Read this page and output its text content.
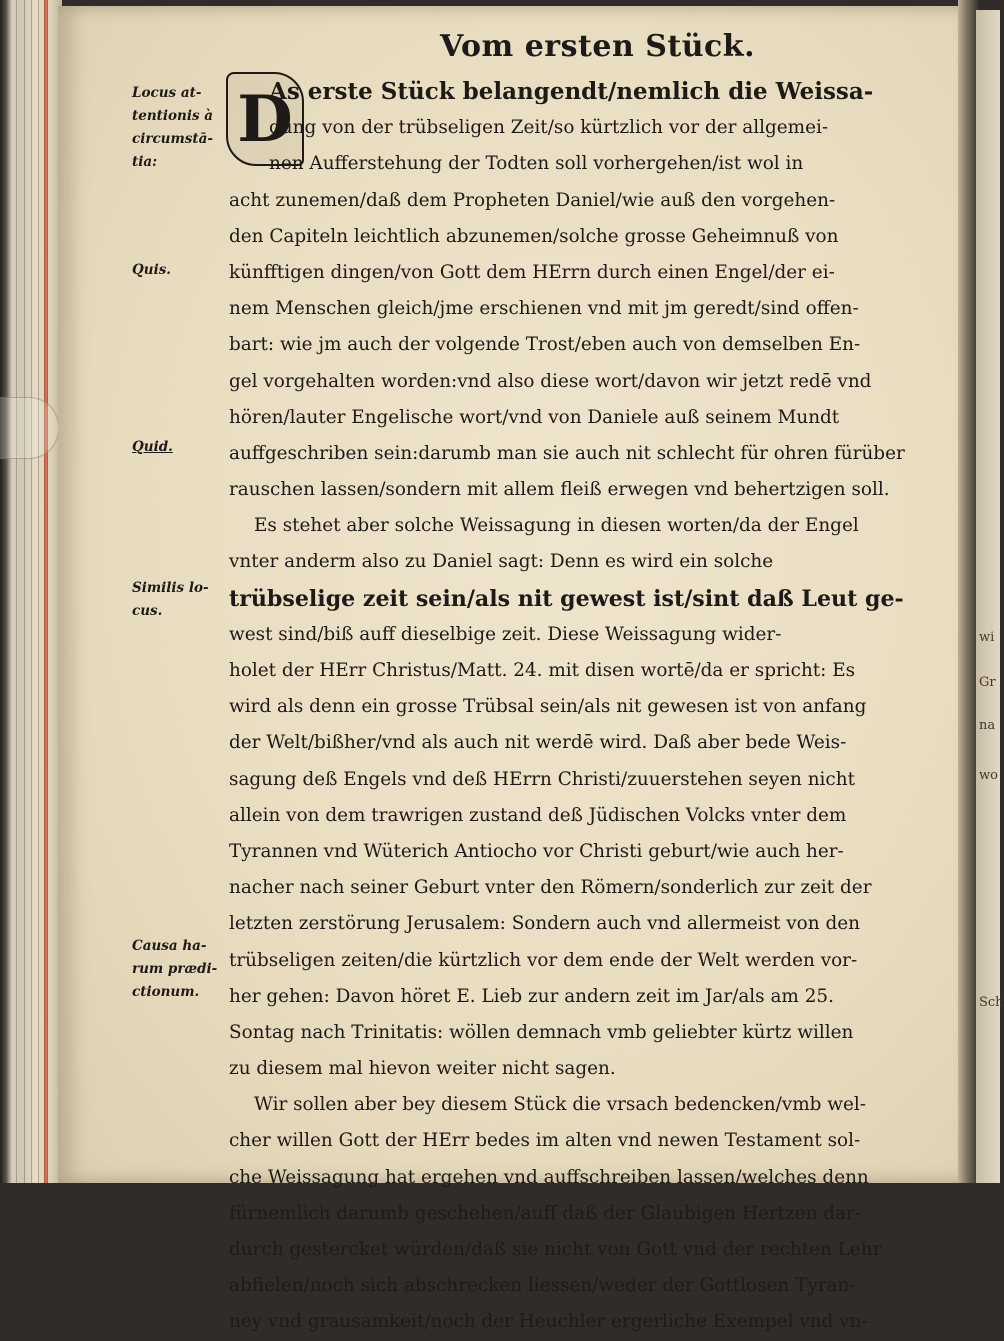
wi
Gr
na
wo
Sch
Vom ersten Stück.
D
Locus at-
tentionis à
circumstā-
tia:
Quis.
Quid.
Similis lo-
cus.
Causa ha-
rum prædi-
ctionum.
As erste Stück belangendt/nemlich die Weissa-
gung von der trübseligen Zeit/so kürtzlich vor der allgemei-
nen Aufferstehung der Todten soll vorhergehen/ist wol in
acht zunemen/daß dem Propheten Daniel/wie auß den vorgehen-
den Capiteln leichtlich abzunemen/solche grosse Geheimnuß von
künfftigen dingen/von Gott dem HErrn durch einen Engel/der ei-
nem Menschen gleich/jme erschienen vnd mit jm geredt/sind offen-
bart: wie jm auch der volgende Trost/eben auch von demselben En-
gel vorgehalten worden:vnd also diese wort/davon wir jetzt redē vnd
hören/lauter Engelische wort/vnd von Daniele auß seinem Mundt
auffgeschriben sein:darumb man sie auch nit schlecht für ohren fürüber
rauschen lassen/sondern mit allem fleiß erwegen vnd behertzigen soll.
Es stehet aber solche Weissagung in diesen worten/da der Engel
vnter anderm also zu Daniel sagt: Denn es wird ein solche
trübselige zeit sein/als nit gewest ist/sint daß Leut ge-
west sind/biß auff dieselbige zeit. Diese Weissagung wider-
holet der HErr Christus/Matt. 24. mit disen wortē/da er spricht: Es
wird als denn ein grosse Trübsal sein/als nit gewesen ist von anfang
der Welt/bißher/vnd als auch nit werdē wird. Daß aber bede Weis-
sagung deß Engels vnd deß HErrn Christi/zuuerstehen seyen nicht
allein von dem trawrigen zustand deß Jüdischen Volcks vnter dem
Tyrannen vnd Wüterich Antiocho vor Christi geburt/wie auch her-
nacher nach seiner Geburt vnter den Römern/sonderlich zur zeit der
letzten zerstörung Jerusalem: Sondern auch vnd allermeist von den
trübseligen zeiten/die kürtzlich vor dem ende der Welt werden vor-
her gehen: Davon höret E. Lieb zur andern zeit im Jar/als am 25.
Sontag nach Trinitatis: wöllen demnach vmb geliebter kürtz willen
zu diesem mal hievon weiter nicht sagen.
Wir sollen aber bey diesem Stück die vrsach bedencken/vmb wel-
cher willen Gott der HErr bedes im alten vnd newen Testament sol-
che Weissagung hat ergehen vnd auffschreiben lassen/welches denn
fürnemlich darumb geschehen/auff daß der Glaubigen Hertzen dar-
durch gestercket würden/daß sie nicht von Gott vnd der rechten Lehr
abfielen/noch sich abschrecken liessen/weder der Gottlosen Tyran-
ney vnd grausamkeit/noch der Heuchler ergerliche Exempel vnd vn-
